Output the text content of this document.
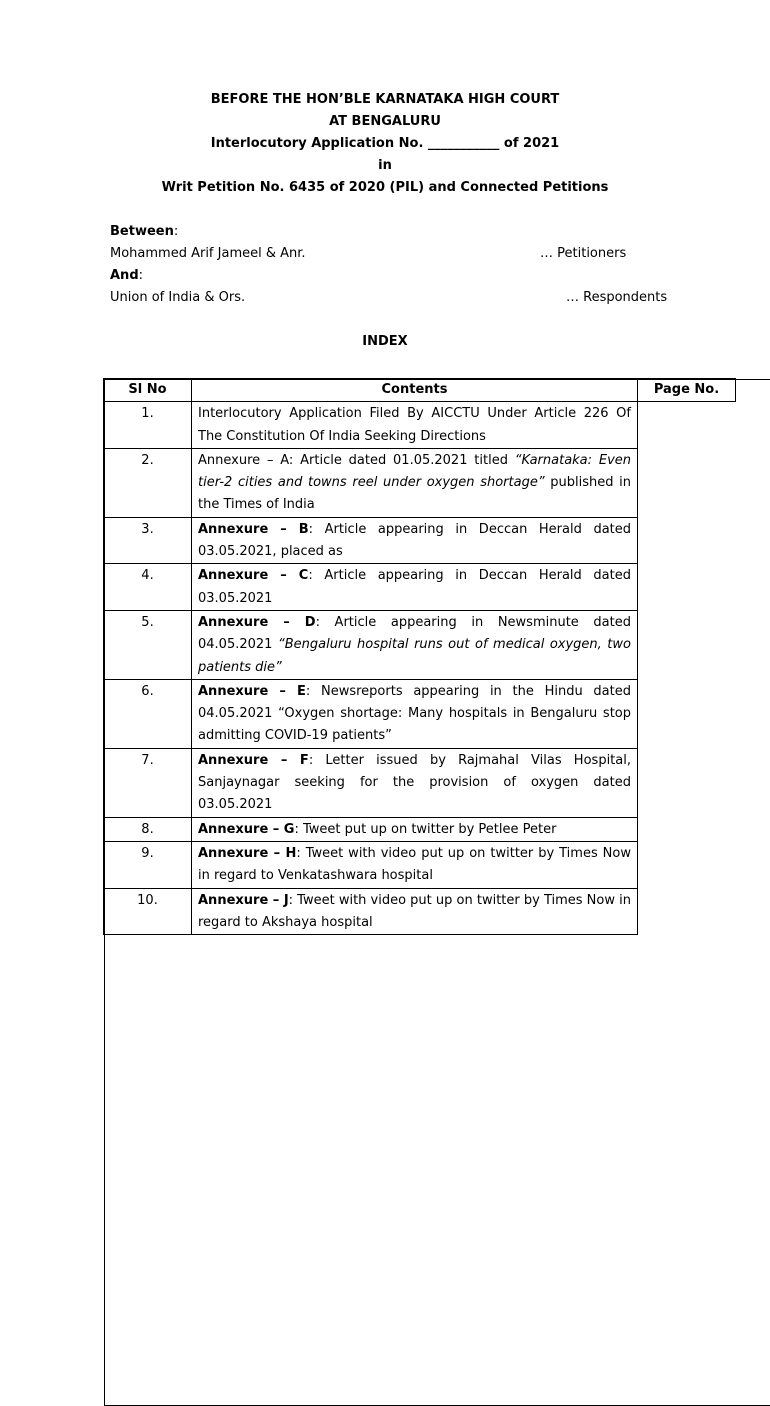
BEFORE THE HON’BLE KARNATAKA HIGH COURT
AT BENGALURU
Interlocutory Application No. ___________ of 2021
in
Writ Petition No. 6435 of 2020 (PIL) and Connected Petitions
Between:
Mohammed Arif Jameel & Anr.	… Petitioners
And:
Union of India & Ors.	… Respondents
INDEX
Sl No	Contents	Page No.
1.	Interlocutory Application Filed By AICCTU Under Article 226 Of The Constitution Of India Seeking Directions	

2.	Annexure – A: Article dated 01.05.2021 titled “Karnataka: Even tier-2 cities and towns reel under oxygen shortage” published in the Times of India	

3.	Annexure – B: Article appearing in Deccan Herald dated 03.05.2021, placed as	

4.	Annexure – C: Article appearing in Deccan Herald dated 03.05.2021	

5.	Annexure – D: Article appearing in Newsminute dated 04.05.2021 “Bengaluru hospital runs out of medical oxygen, two patients die”	

6.	Annexure – E: Newsreports appearing in the Hindu dated 04.05.2021 “Oxygen shortage: Many hospitals in Bengaluru stop admitting COVID-19 patients”	

7.	Annexure – F: Letter issued by Rajmahal Vilas Hospital, Sanjaynagar seeking for the provision of oxygen dated 03.05.2021	

8.	Annexure – G: Tweet put up on twitter by Petlee Peter	

9.	Annexure – H: Tweet with video put up on twitter by Times Now in regard to Venkatashwara hospital	

10.	Annexure – J: Tweet with video put up on twitter by Times Now in regard to Akshaya hospital	
